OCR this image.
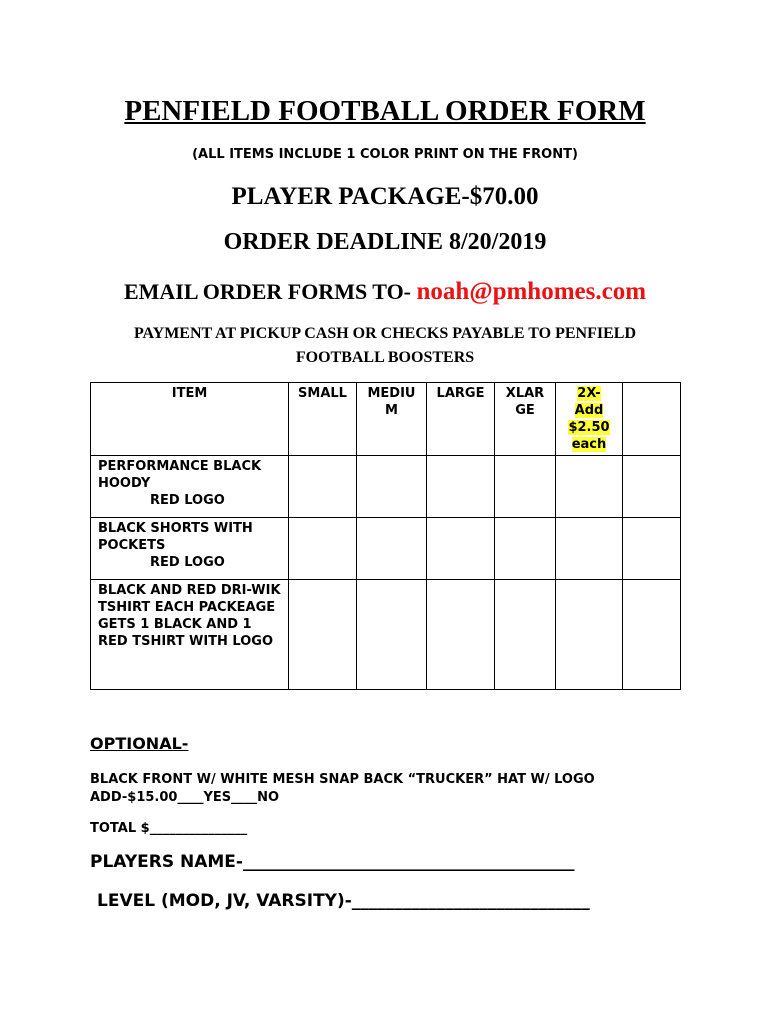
PENFIELD FOOTBALL ORDER FORM
(ALL ITEMS INCLUDE 1 COLOR PRINT ON THE FRONT)
PLAYER PACKAGE-$70.00
ORDER DEADLINE 8/20/2019
EMAIL ORDER FORMS TO- noah@pmhomes.com
PAYMENT AT PICKUP CASH OR CHECKS PAYABLE TO PENFIELD FOOTBALL BOOSTERS
ITEM	SMALL	MEDIU M	LARGE	XLAR GE	2X- Add $2.50 each	
PERFORMANCE BLACK HOODY
RED LOGO						

BLACK SHORTS WITH POCKETS
RED LOGO						

BLACK AND RED DRI-WIK TSHIRT EACH PACKEAGE GETS 1 BLACK AND 1 RED TSHIRT WITH LOGO						
OPTIONAL-
BLACK FRONT W/ WHITE MESH SNAP BACK “TRUCKER” HAT W/ LOGO ADD-$15.00____YES____NO
TOTAL $_______________
PLAYERS NAME-_______________________________________
LEVEL (MOD, JV, VARSITY)-____________________________
